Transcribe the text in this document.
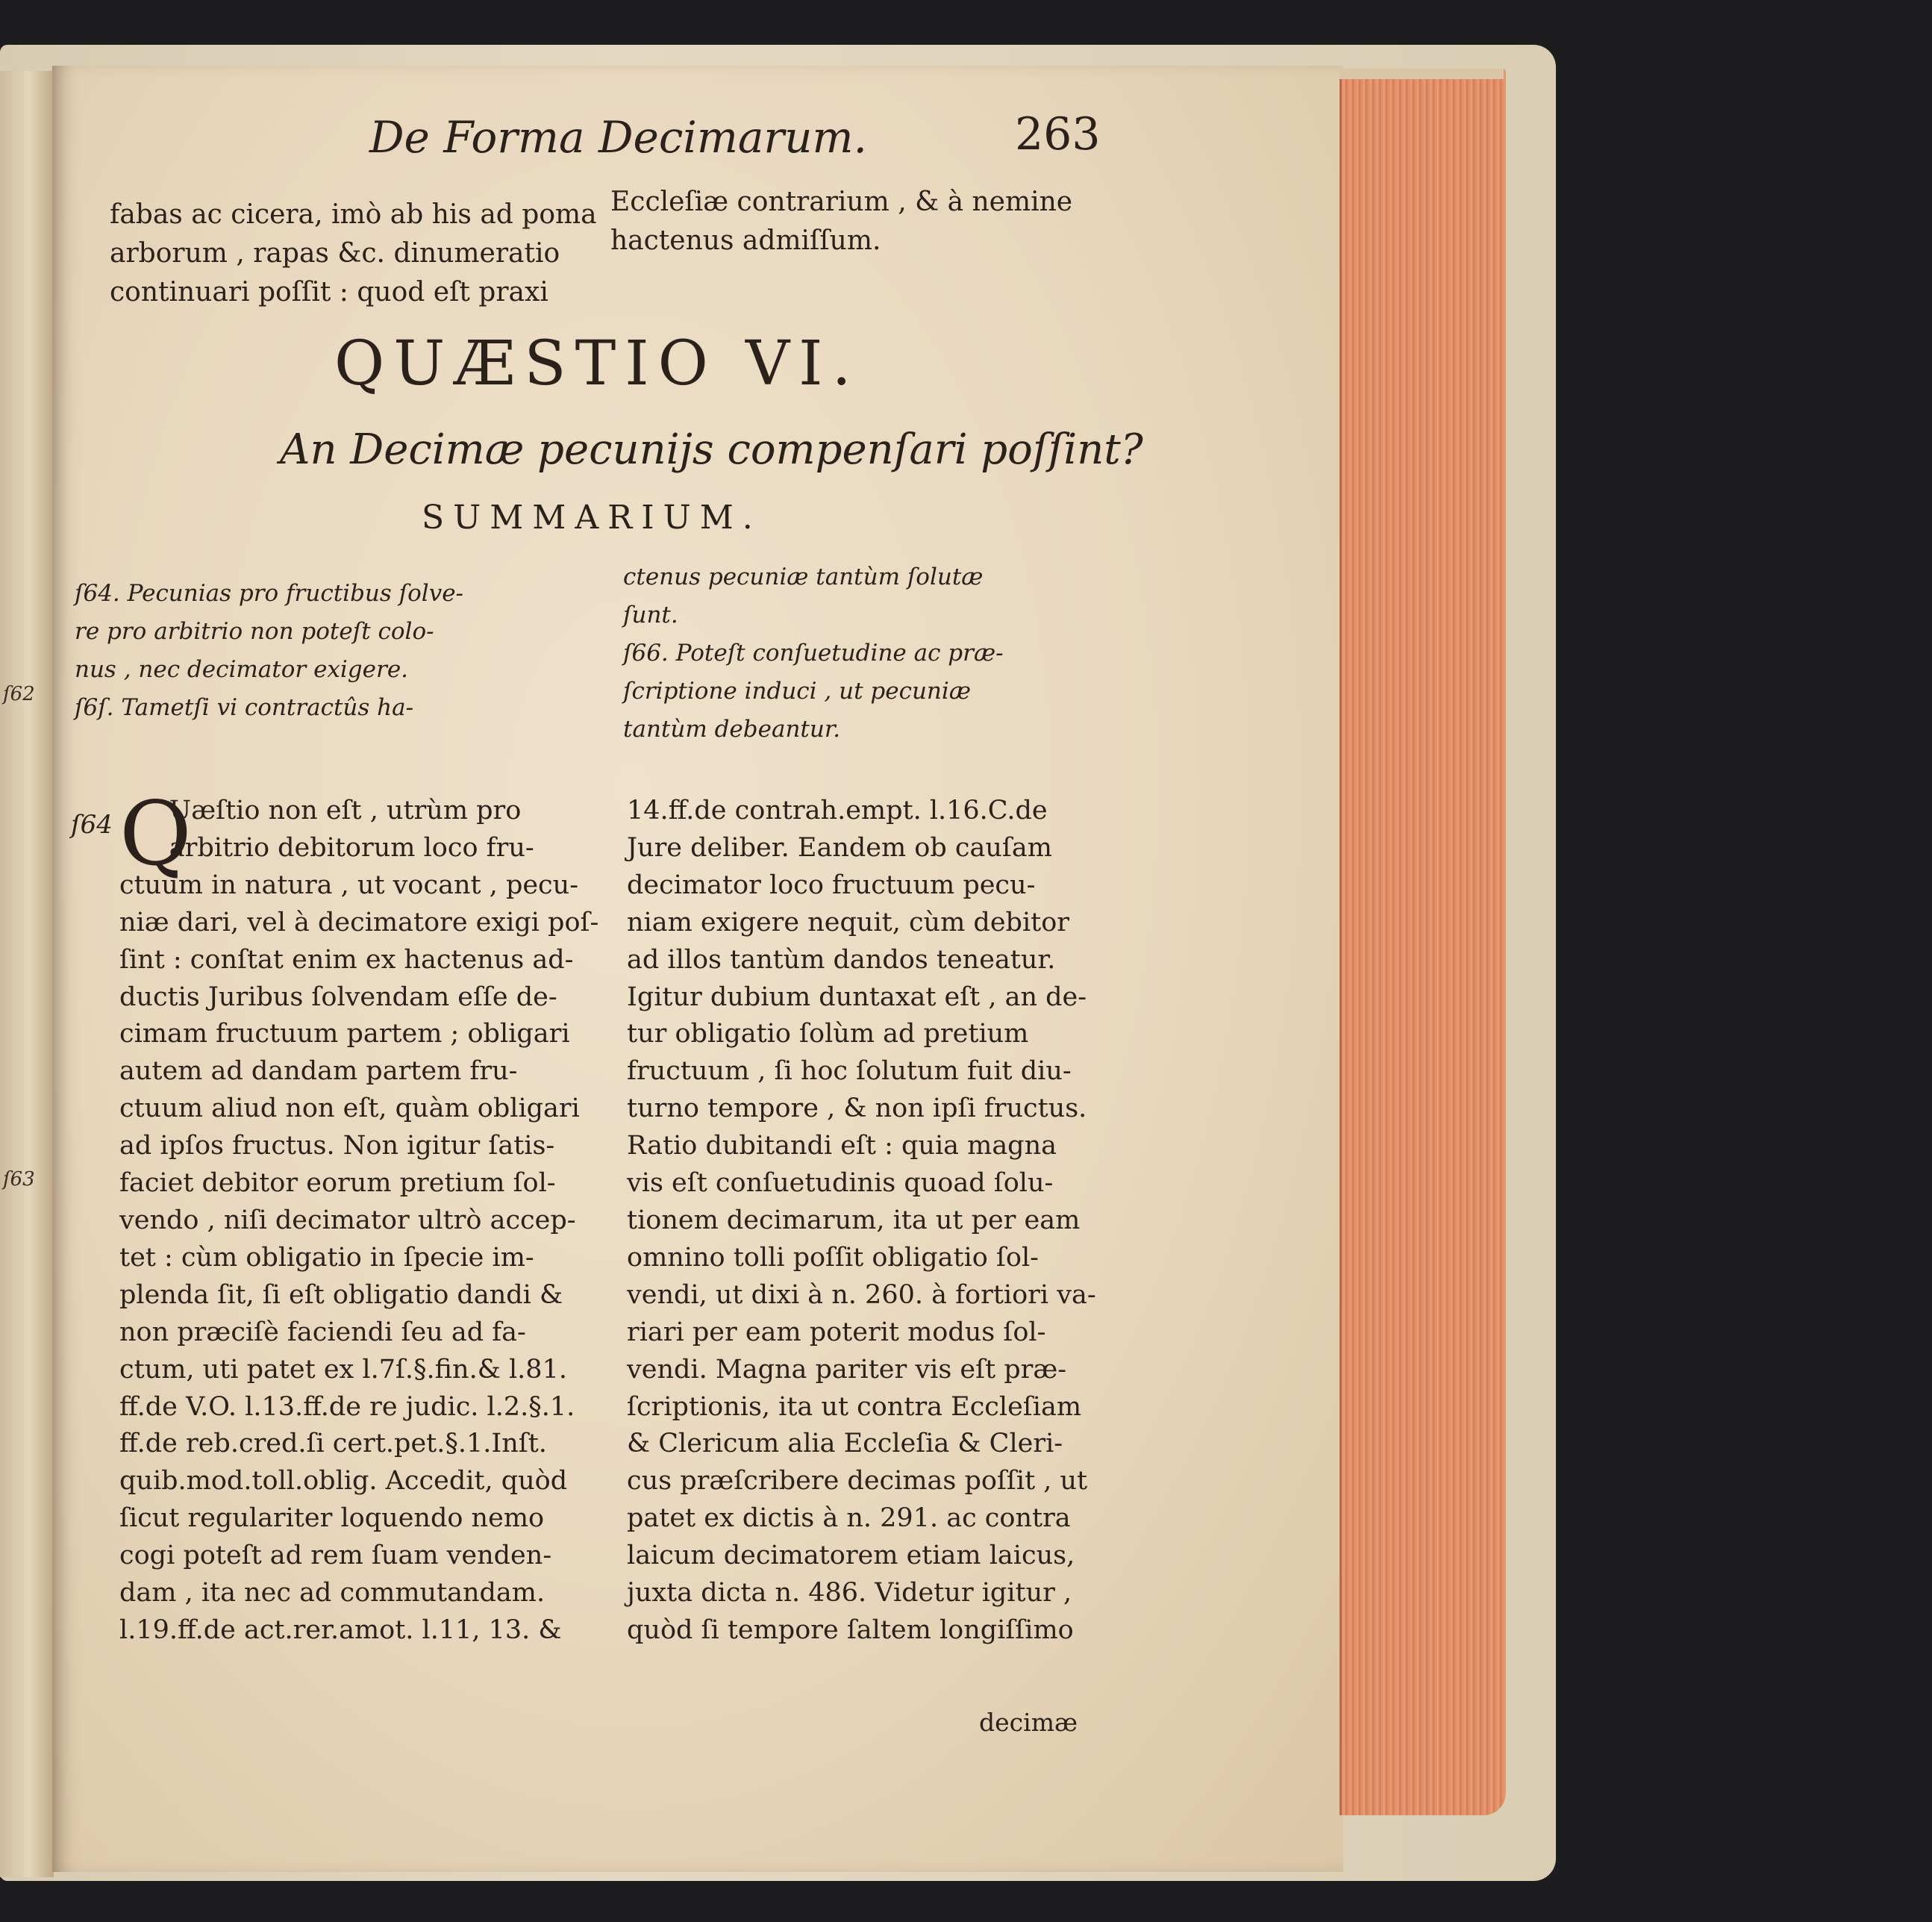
ſ62
ſ63
De Forma Decimarum.	263
fabas ac cicera, imò ab his ad poma
arborum , rapas &c. dinumeratio
continuari poſſit : quod eſt praxi
Eccleſiæ contrarium , & à nemine
hactenus admiſſum.
QUÆSTIO VI.
An Decimæ pecunijs compenſari poſſint?
SUMMARIUM.
ſ64. Pecunias pro fructibus ſolve-
re pro arbitrio non poteſt colo-
nus , nec decimator exigere.
ſ6ſ. Tametſi vi contractûs ha-
ctenus pecuniæ tantùm ſolutæ
ſunt.
ſ66. Poteſt conſuetudine ac præ-
ſcriptione induci , ut pecuniæ
tantùm debeantur.
ſ64 Q
Uæſtio non eſt , utrùm pro
arbitrio debitorum loco fru-
ctuum in natura , ut vocant , pecu-
niæ dari, vel à decimatore exigi poſ-
ſint : conſtat enim ex hactenus ad-
ductis Juribus ſolvendam eſſe de-
cimam fructuum partem ; obligari
autem ad dandam partem fru-
ctuum aliud non eſt, quàm obligari
ad ipſos fructus. Non igitur ſatis-
faciet debitor eorum pretium ſol-
vendo , niſi decimator ultrò accep-
tet : cùm obligatio in ſpecie im-
plenda ſit, ſi eſt obligatio dandi &
non præciſè faciendi ſeu ad fa-
ctum, uti patet ex l.7ſ.§.fin.& l.81.
ff.de V.O. l.13.ff.de re judic. l.2.§.1.
ff.de reb.cred.ſi cert.pet.§.1.Inſt.
quib.mod.toll.oblig. Accedit, quòd
ſicut regulariter loquendo nemo
cogi poteſt ad rem ſuam venden-
dam , ita nec ad commutandam.
l.19.ff.de act.rer.amot. l.11, 13. &
14.ff.de contrah.empt. l.16.C.de
Jure deliber. Eandem ob cauſam
decimator loco fructuum pecu-
niam exigere nequit, cùm debitor
ad illos tantùm dandos teneatur.
Igitur dubium duntaxat eſt , an de-
tur obligatio ſolùm ad pretium
fructuum , ſi hoc ſolutum fuit diu-
turno tempore , & non ipſi fructus.
Ratio dubitandi eſt : quia magna
vis eſt conſuetudinis quoad ſolu-
tionem decimarum, ita ut per eam
omnino tolli poſſit obligatio ſol-
vendi, ut dixi à n. 260. à fortiori va-
riari per eam poterit modus ſol-
vendi. Magna pariter vis eſt præ-
ſcriptionis, ita ut contra Eccleſiam
& Clericum alia Eccleſia & Cleri-
cus præſcribere decimas poſſit , ut
patet ex dictis à n. 291. ac contra
laicum decimatorem etiam laicus,
juxta dicta n. 486. Videtur igitur ,
quòd ſi tempore ſaltem longiſſimo
decimæ
